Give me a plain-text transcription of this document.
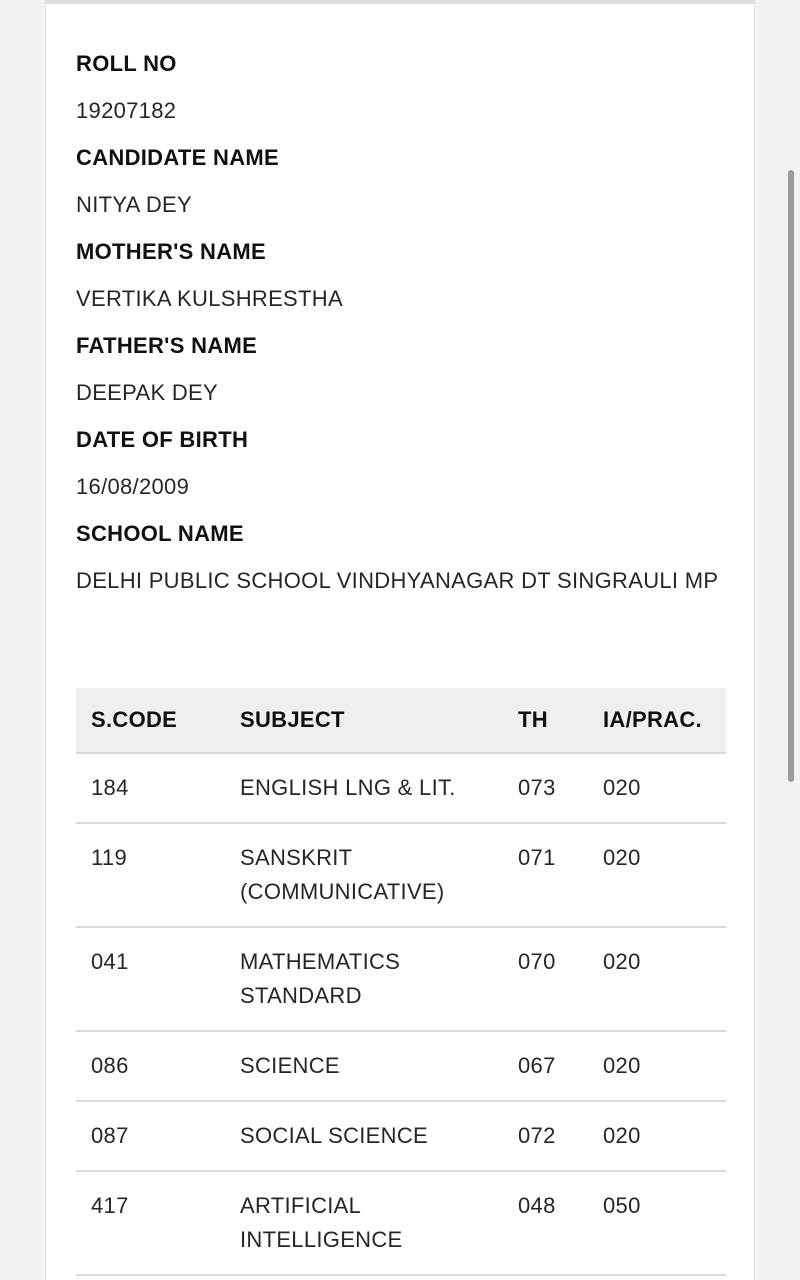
ROLL NO
19207182
CANDIDATE NAME
NITYA DEY
MOTHER'S NAME
VERTIKA KULSHRESTHA
FATHER'S NAME
DEEPAK DEY
DATE OF BIRTH
16/08/2009
SCHOOL NAME
DELHI PUBLIC SCHOOL VINDHYANAGAR DT SINGRAULI MP
S.CODE	SUBJECT	TH	IA/PRAC.
184	ENGLISH LNG & LIT.	073	020
119	SANSKRIT (COMMUNICATIVE)	071	020
041	MATHEMATICS STANDARD	070	020
086	SCIENCE	067	020
087	SOCIAL SCIENCE	072	020
417	ARTIFICIAL INTELLIGENCE	048	050
